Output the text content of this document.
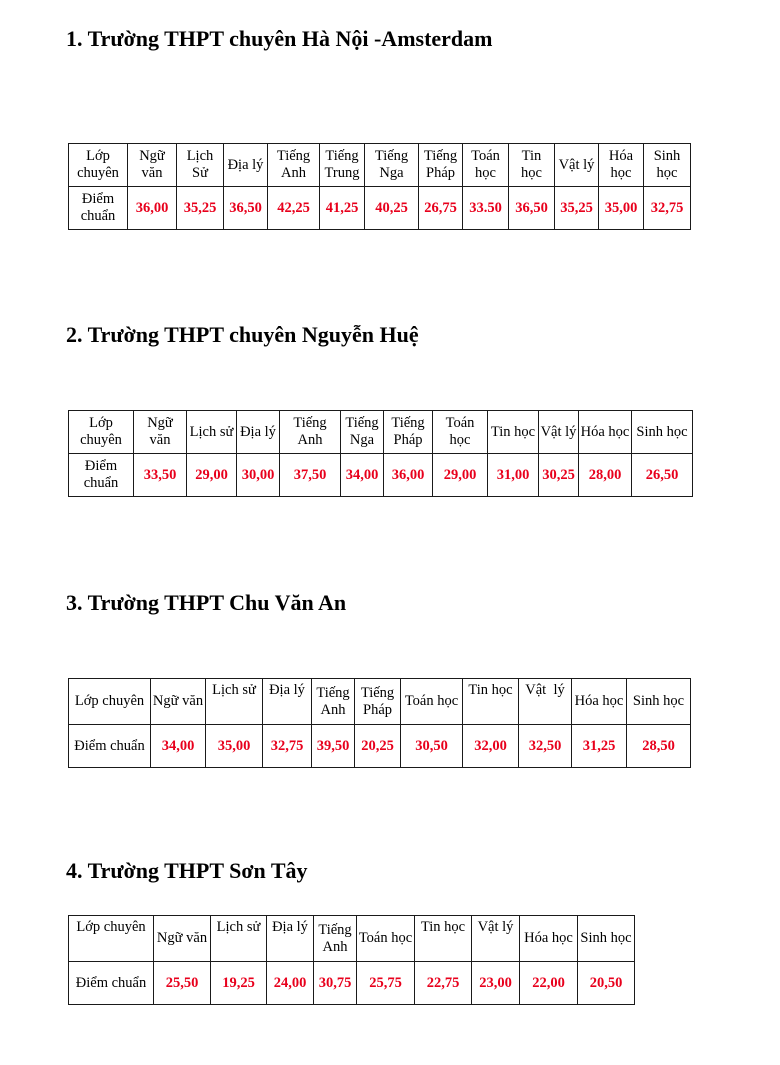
1. Trường THPT chuyên Hà Nội -Amsterdam
Lớp chuyên	Ngữ văn	Lịch Sử	Địa lý	Tiếng Anh	Tiếng Trung	Tiếng Nga	Tiếng Pháp	Toán học	Tin học	Vật lý	Hóa học	Sinh học
Điểm chuẩn	36,00	35,25	36,50	42,25	41,25	40,25	26,75	33.50	36,50	35,25	35,00	32,75
2. Trường THPT chuyên Nguyễn Huệ
Lớp chuyên	Ngữ văn	Lịch sử	Địa lý	Tiếng Anh	Tiếng Nga	Tiếng Pháp	Toán học	Tin học	Vật lý	Hóa học	Sinh học
Điểm chuẩn	33,50	29,00	30,00	37,50	34,00	36,00	29,00	31,00	30,25	28,00	26,50
3. Trường THPT Chu Văn An
Lớp chuyên	Ngữ văn	Lịch sử	Địa lý	Tiếng Anh	Tiếng Pháp	Toán học	Tin học	Vật  lý	Hóa học	Sinh học
Điểm chuẩn	34,00	35,00	32,75	39,50	20,25	30,50	32,00	32,50	31,25	28,50
4. Trường THPT Sơn Tây
Lớp chuyên	Ngữ văn	Lịch sử	Địa lý	Tiếng Anh	Toán học	Tin học	Vật lý	Hóa học	Sinh học
Điểm chuẩn	25,50	19,25	24,00	30,75	25,75	22,75	23,00	22,00	20,50
